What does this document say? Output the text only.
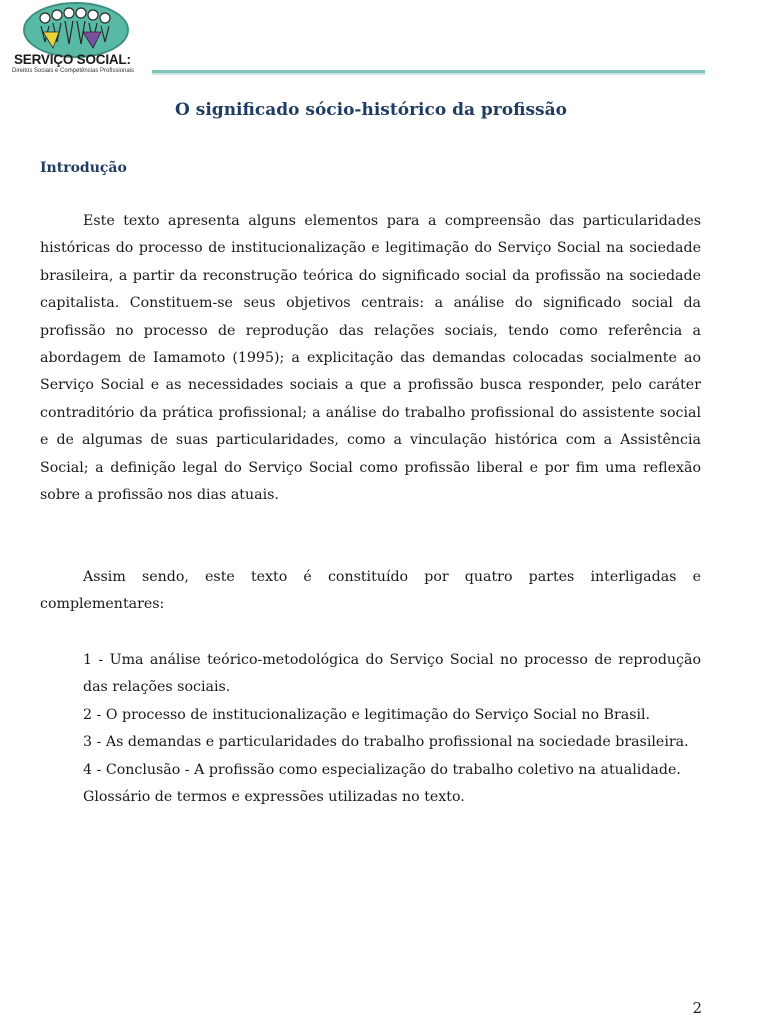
SERVIÇO SOCIAL:
Direitos Sociais e Competências Profissionais
O significado sócio-histórico da profissão
Introdução

Este texto apresenta alguns elementos para a compreensão das particularidades históricas do processo de institucionalização e legitimação do Serviço Social na sociedade brasileira, a partir da reconstrução teórica do significado social da profissão na sociedade capitalista. Constituem-se seus objetivos centrais: a análise do significado social da profissão no processo de reprodução das relações sociais, tendo como referência a abordagem de Iamamoto (1995); a explicitação das demandas colocadas socialmente ao Serviço Social e as necessidades sociais a que a profissão busca responder, pelo caráter contraditório da prática profissional; a análise do trabalho profissional do assistente social e de algumas de suas particularidades, como a vinculação histórica com a Assistência Social; a definição legal do Serviço Social como profissão liberal e por fim uma reflexão sobre a profissão nos dias atuais.

Assim sendo, este texto é constituído por quatro partes interligadas e complementares:

1 - Uma análise teórico-metodológica do Serviço Social no processo de reprodução das relações sociais.

2 - O processo de institucionalização e legitimação do Serviço Social no Brasil.

3 - As demandas e particularidades do trabalho profissional na sociedade brasileira.

4 - Conclusão - A profissão como especialização do trabalho coletivo na atualidade.

Glossário de termos e expressões utilizadas no texto.

2
